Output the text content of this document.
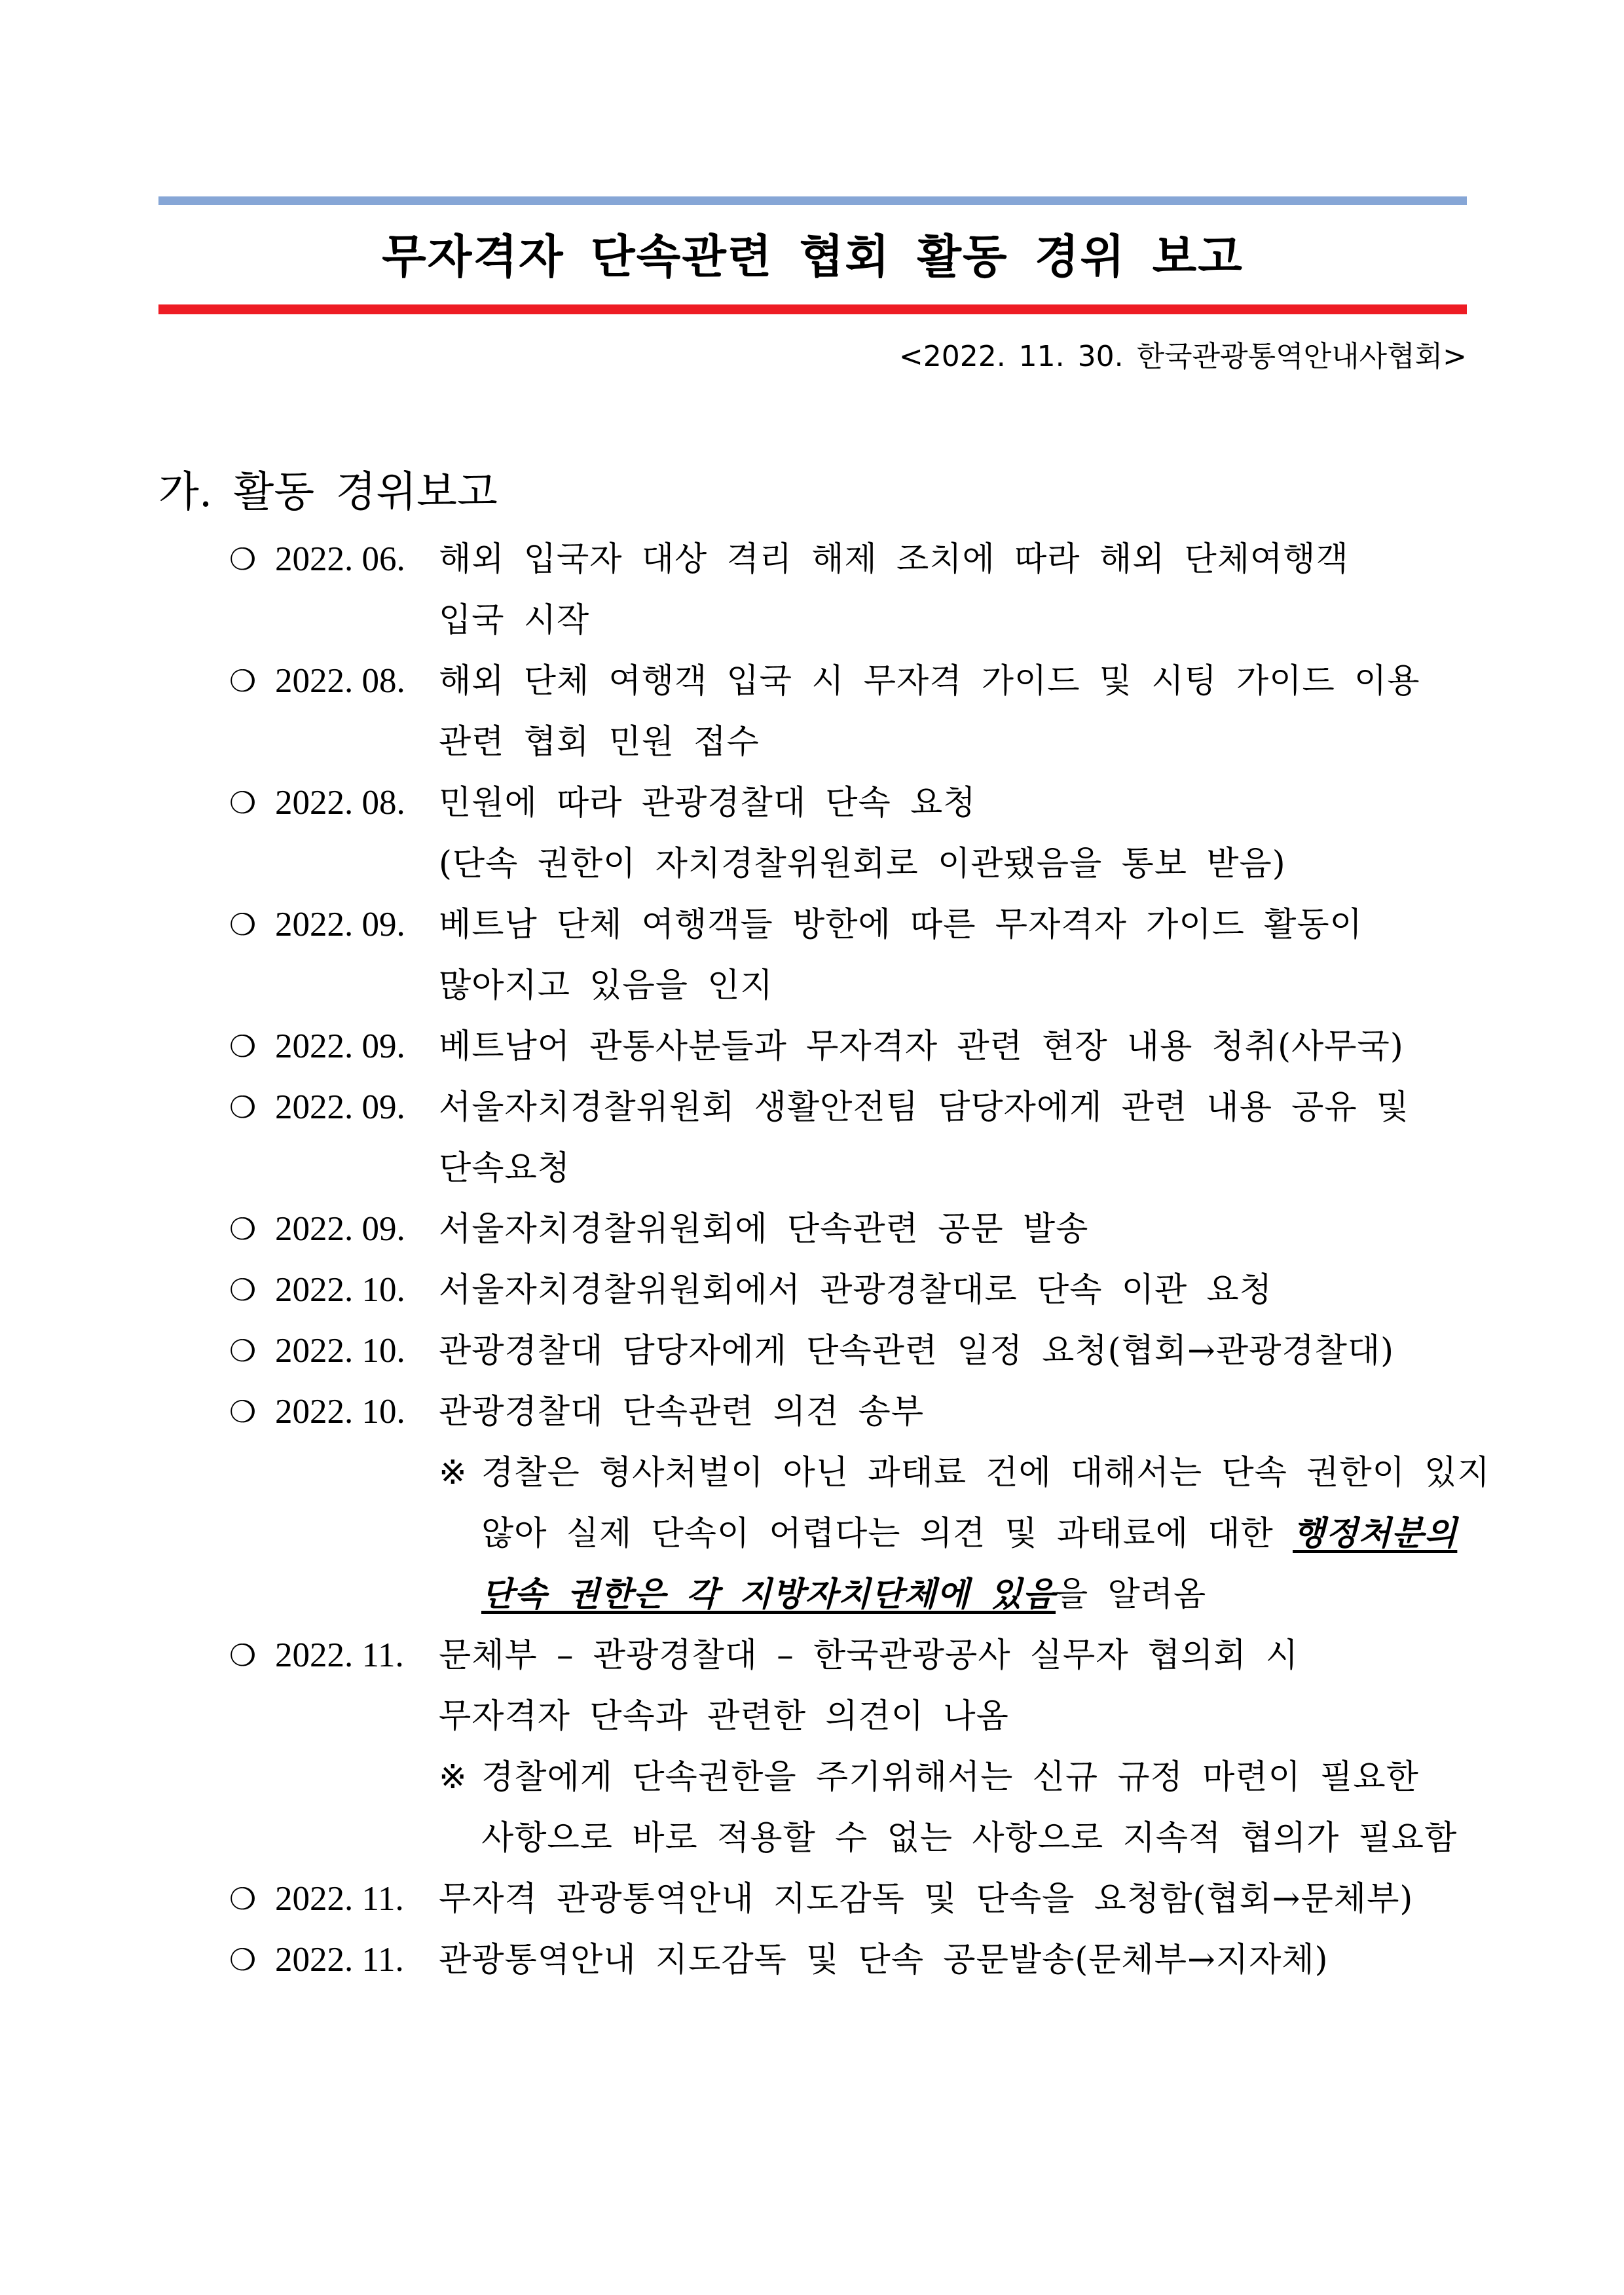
무자격자 단속관련 협회 활동 경위 보고
<2022. 11. 30. 한국관광통역안내사협회>
가. 활동 경위보고
❍ 2022. 06. 해외 입국자 대상 격리 해제 조치에 따라 해외 단체여행객
입국 시작
❍ 2022. 08. 해외 단체 여행객 입국 시 무자격 가이드 및 시팅 가이드 이용
관련 협회 민원 접수
❍ 2022. 08. 민원에 따라 관광경찰대 단속 요청
(단속 권한이 자치경찰위원회로 이관됐음을 통보 받음)
❍ 2022. 09. 베트남 단체 여행객들 방한에 따른 무자격자 가이드 활동이
많아지고 있음을 인지
❍ 2022. 09. 베트남어 관통사분들과 무자격자 관련 현장 내용 청취(사무국)
❍ 2022. 09. 서울자치경찰위원회 생활안전팀 담당자에게 관련 내용 공유 및
단속요청
❍ 2022. 09. 서울자치경찰위원회에 단속관련 공문 발송
❍ 2022. 10. 서울자치경찰위원회에서 관광경찰대로 단속 이관 요청
❍ 2022. 10. 관광경찰대 담당자에게 단속관련 일정 요청(협회→관광경찰대)
❍ 2022. 10. 관광경찰대 단속관련 의견 송부
※ 경찰은 형사처벌이 아닌 과태료 건에 대해서는 단속 권한이 있지
않아 실제 단속이 어렵다는 의견 및 과태료에 대한 행정처분의
단속 권한은 각 지방자치단체에 있음을 알려옴
❍ 2022. 11. 문체부 – 관광경찰대 – 한국관광공사 실무자 협의회 시
무자격자 단속과 관련한 의견이 나옴
※ 경찰에게 단속권한을 주기위해서는 신규 규정 마련이 필요한
사항으로 바로 적용할 수 없는 사항으로 지속적 협의가 필요함
❍ 2022. 11. 무자격 관광통역안내 지도감독 및 단속을 요청함(협회→문체부)
❍ 2022. 11. 관광통역안내 지도감독 및 단속 공문발송(문체부→지자체)
